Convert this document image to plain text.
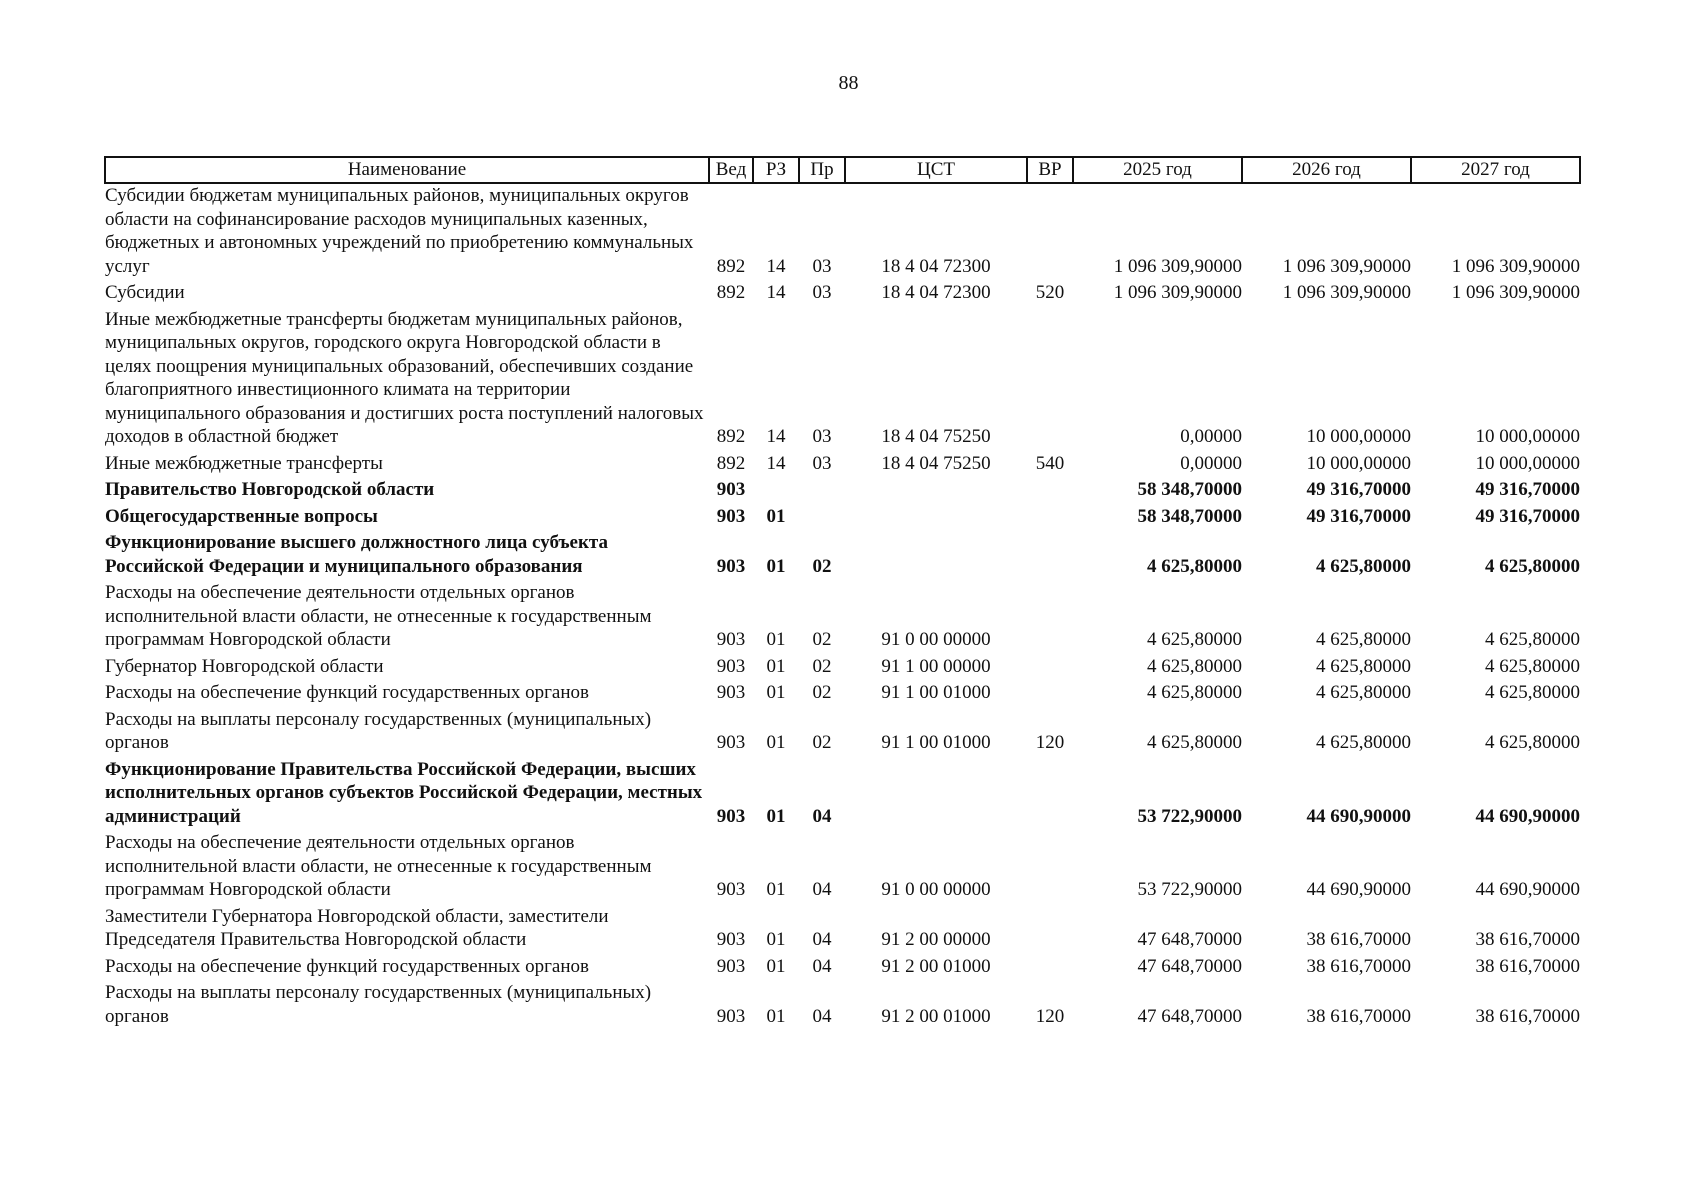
88
Наименование	Вед	РЗ	Пр	ЦСТ	ВР	2025 год	2026 год	2027 год
Субсидии бюджетам муниципальных районов, муниципальных округов области на софинансирование расходов муниципальных казенных, бюджетных и автономных учреждений по приобретению коммунальных услуг	892	14	03	18 4 04 72300		1 096 309,90000	1 096 309,90000	1 096 309,90000
Субсидии	892	14	03	18 4 04 72300	520	1 096 309,90000	1 096 309,90000	1 096 309,90000
Иные межбюджетные трансферты бюджетам муниципальных районов, муниципальных округов, городского округа Новгородской области в целях поощрения муниципальных образований, обеспечивших создание благоприятного инвестиционного климата на территории муниципального образования и достигших роста поступлений налоговых доходов в областной бюджет	892	14	03	18 4 04 75250		0,00000	10 000,00000	10 000,00000
Иные межбюджетные трансферты	892	14	03	18 4 04 75250	540	0,00000	10 000,00000	10 000,00000
Правительство Новгородской области	903					58 348,70000	49 316,70000	49 316,70000
Общегосударственные вопросы	903	01				58 348,70000	49 316,70000	49 316,70000
Функционирование высшего должностного лица субъекта Российской Федерации и муниципального образования	903	01	02			4 625,80000	4 625,80000	4 625,80000
Расходы на обеспечение деятельности отдельных органов исполнительной власти области, не отнесенные к государственным программам Новгородской области	903	01	02	91 0 00 00000		4 625,80000	4 625,80000	4 625,80000
Губернатор Новгородской области	903	01	02	91 1 00 00000		4 625,80000	4 625,80000	4 625,80000
Расходы на обеспечение функций государственных органов	903	01	02	91 1 00 01000		4 625,80000	4 625,80000	4 625,80000
Расходы на выплаты персоналу государственных (муниципальных) органов	903	01	02	91 1 00 01000	120	4 625,80000	4 625,80000	4 625,80000
Функционирование Правительства Российской Федерации, высших исполнительных органов субъектов Российской Федерации, местных администраций	903	01	04			53 722,90000	44 690,90000	44 690,90000
Расходы на обеспечение деятельности отдельных органов исполнительной власти области, не отнесенные к государственным программам Новгородской области	903	01	04	91 0 00 00000		53 722,90000	44 690,90000	44 690,90000
Заместители Губернатора Новгородской области, заместители Председателя Правительства Новгородской области	903	01	04	91 2 00 00000		47 648,70000	38 616,70000	38 616,70000
Расходы на обеспечение функций государственных органов	903	01	04	91 2 00 01000		47 648,70000	38 616,70000	38 616,70000
Расходы на выплаты персоналу государственных (муниципальных) органов	903	01	04	91 2 00 01000	120	47 648,70000	38 616,70000	38 616,70000
